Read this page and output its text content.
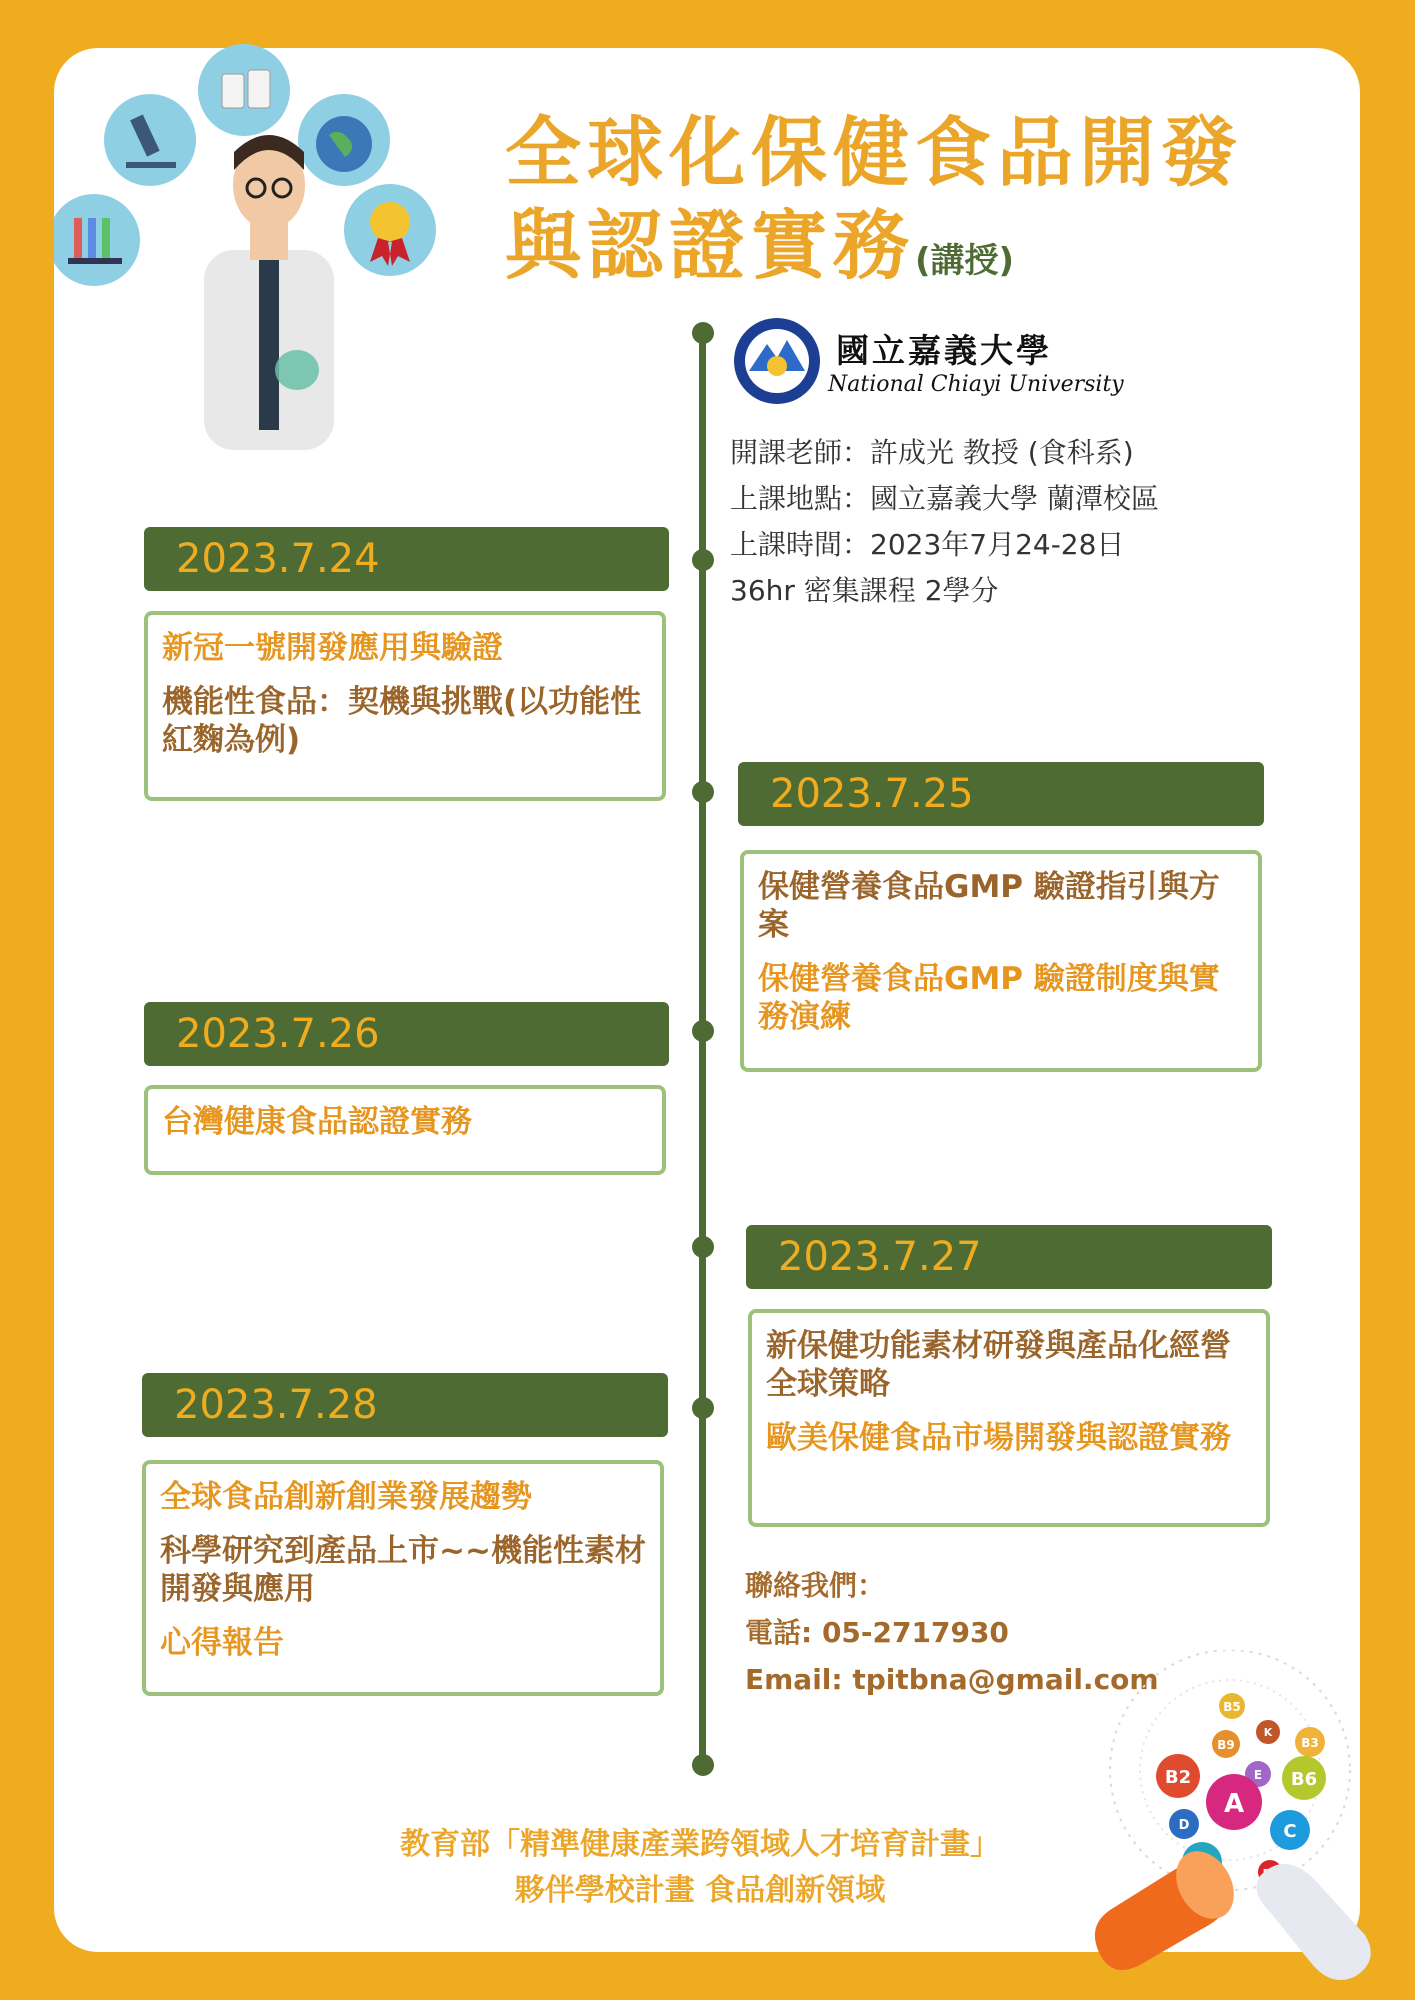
全球化保健食品開發
與認證實務(講授)
國立嘉義大學
National Chiayi University
開課老師：許成光 教授 (食科系)
上課地點：國立嘉義大學 蘭潭校區
上課時間：2023年7月24-28日
36hr 密集課程 2學分
2023.7.24
新冠一號開發應用與驗證
機能性食品：契機與挑戰(以功能性紅麴為例)
2023.7.25
保健營養食品GMP 驗證指引與方案
保健營養食品GMP 驗證制度與實務演練
2023.7.26
台灣健康食品認證實務
2023.7.27
新保健功能素材研發與產品化經營全球策略
歐美保健食品市場開發與認證實務
2023.7.28
全球食品創新創業發展趨勢
科學研究到產品上市~~機能性素材開發與應用
心得報告
聯絡我們：
電話: 05-2717930
Email: tpitbna@gmail.com
B5
K
B9	B3
E
B2	B6
A
D	C
教育部「精準健康產業跨領域人才培育計畫」
夥伴學校計畫 食品創新領域
